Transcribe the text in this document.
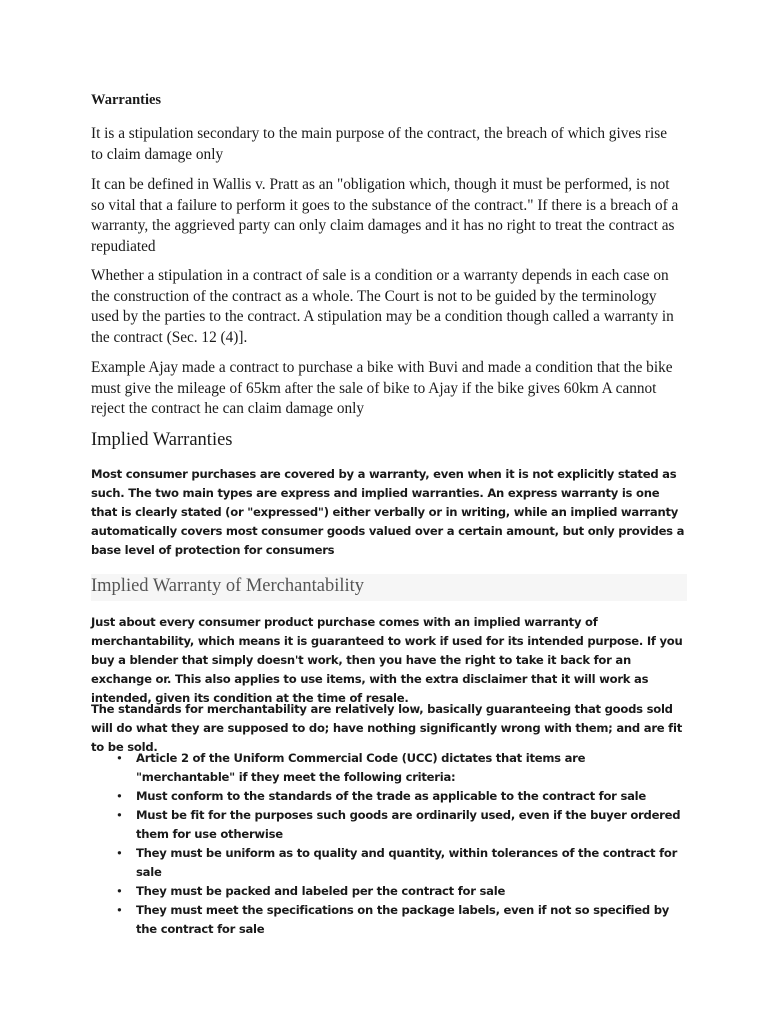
Warranties

It is a stipulation secondary to the main purpose of the contract, the breach of which gives rise to claim damage only

It can be defined in Wallis v. Pratt as an "obligation which, though it must be performed, is not so vital that a failure to perform it goes to the substance of the contract." If there is a breach of a warranty, the aggrieved party can only claim damages and it has no right to treat the contract as repudiated

Whether a stipulation in a contract of sale is a condition or a warranty depends in each case on the construction of the contract as a whole. The Court is not to be guided by the terminology used by the parties to the contract. A stipulation may be a condition though called a warranty in the contract (Sec. 12 (4)].

Example Ajay made a contract to purchase a bike with Buvi and made a condition that the bike must give the mileage of 65km after the sale of bike to Ajay if the bike gives 60km A cannot reject the contract he can claim damage only

Implied Warranties

Most consumer purchases are covered by a warranty, even when it is not explicitly stated as such. The two main types are express and implied warranties. An express warranty is one that is clearly stated (or "expressed") either verbally or in writing, while an implied warranty automatically covers most consumer goods valued over a certain amount, but only provides a base level of protection for consumers

Implied Warranty of Merchantability

Just about every consumer product purchase comes with an implied warranty of merchantability, which means it is guaranteed to work if used for its intended purpose. If you buy a blender that simply doesn't work, then you have the right to take it back for an exchange or. This also applies to use items, with the extra disclaimer that it will work as intended, given its condition at the time of resale.

The standards for merchantability are relatively low, basically guaranteeing that goods sold will do what they are supposed to do; have nothing significantly wrong with them; and are fit to be sold.

• Article 2 of the Uniform Commercial Code (UCC) dictates that items are "merchantable" if they meet the following criteria:
• Must conform to the standards of the trade as applicable to the contract for sale
• Must be fit for the purposes such goods are ordinarily used, even if the buyer ordered them for use otherwise
• They must be uniform as to quality and quantity, within tolerances of the contract for sale
• They must be packed and labeled per the contract for sale
• They must meet the specifications on the package labels, even if not so specified by the contract for sale
